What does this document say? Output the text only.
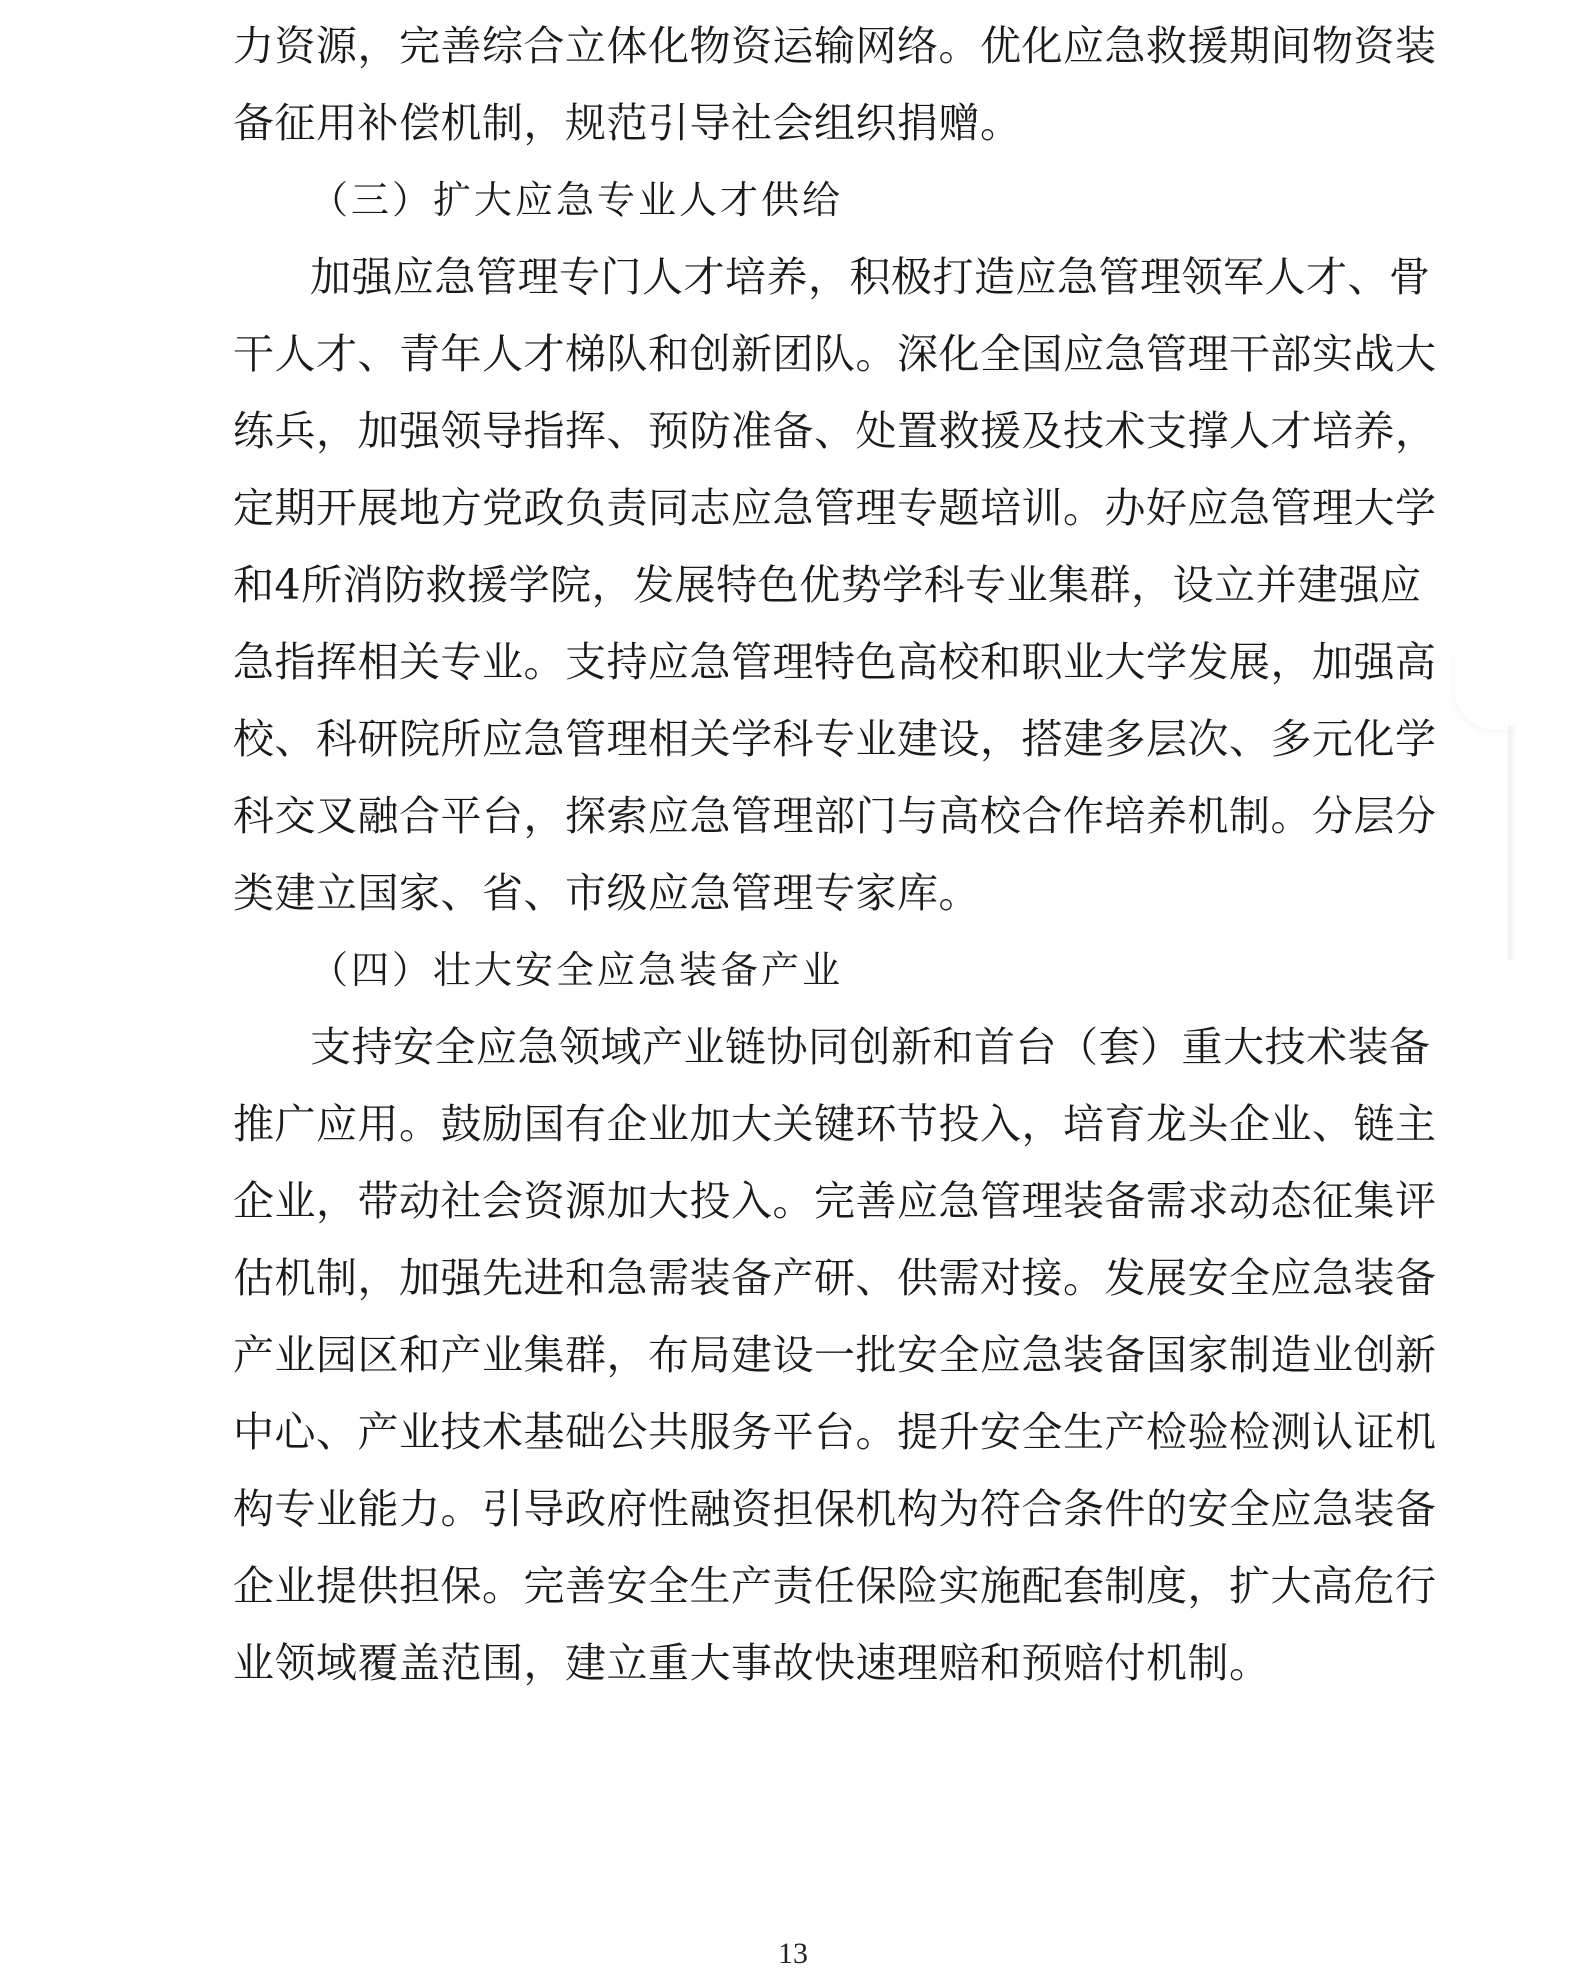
力资源，完善综合立体化物资运输网络。优化应急救援期间物资装
备征用补偿机制，规范引导社会组织捐赠。
（三）扩大应急专业人才供给
加强应急管理专门人才培养，积极打造应急管理领军人才、骨
干人才、青年人才梯队和创新团队。深化全国应急管理干部实战大
练兵，加强领导指挥、预防准备、处置救援及技术支撑人才培养，
定期开展地方党政负责同志应急管理专题培训。办好应急管理大学
和4所消防救援学院，发展特色优势学科专业集群，设立并建强应
急指挥相关专业。支持应急管理特色高校和职业大学发展，加强高
校、科研院所应急管理相关学科专业建设，搭建多层次、多元化学
科交叉融合平台，探索应急管理部门与高校合作培养机制。分层分
类建立国家、省、市级应急管理专家库。
（四）壮大安全应急装备产业
支持安全应急领域产业链协同创新和首台（套）重大技术装备
推广应用。鼓励国有企业加大关键环节投入，培育龙头企业、链主
企业，带动社会资源加大投入。完善应急管理装备需求动态征集评
估机制，加强先进和急需装备产研、供需对接。发展安全应急装备
产业园区和产业集群，布局建设一批安全应急装备国家制造业创新
中心、产业技术基础公共服务平台。提升安全生产检验检测认证机
构专业能力。引导政府性融资担保机构为符合条件的安全应急装备
企业提供担保。完善安全生产责任保险实施配套制度，扩大高危行
业领域覆盖范围，建立重大事故快速理赔和预赔付机制。
13
